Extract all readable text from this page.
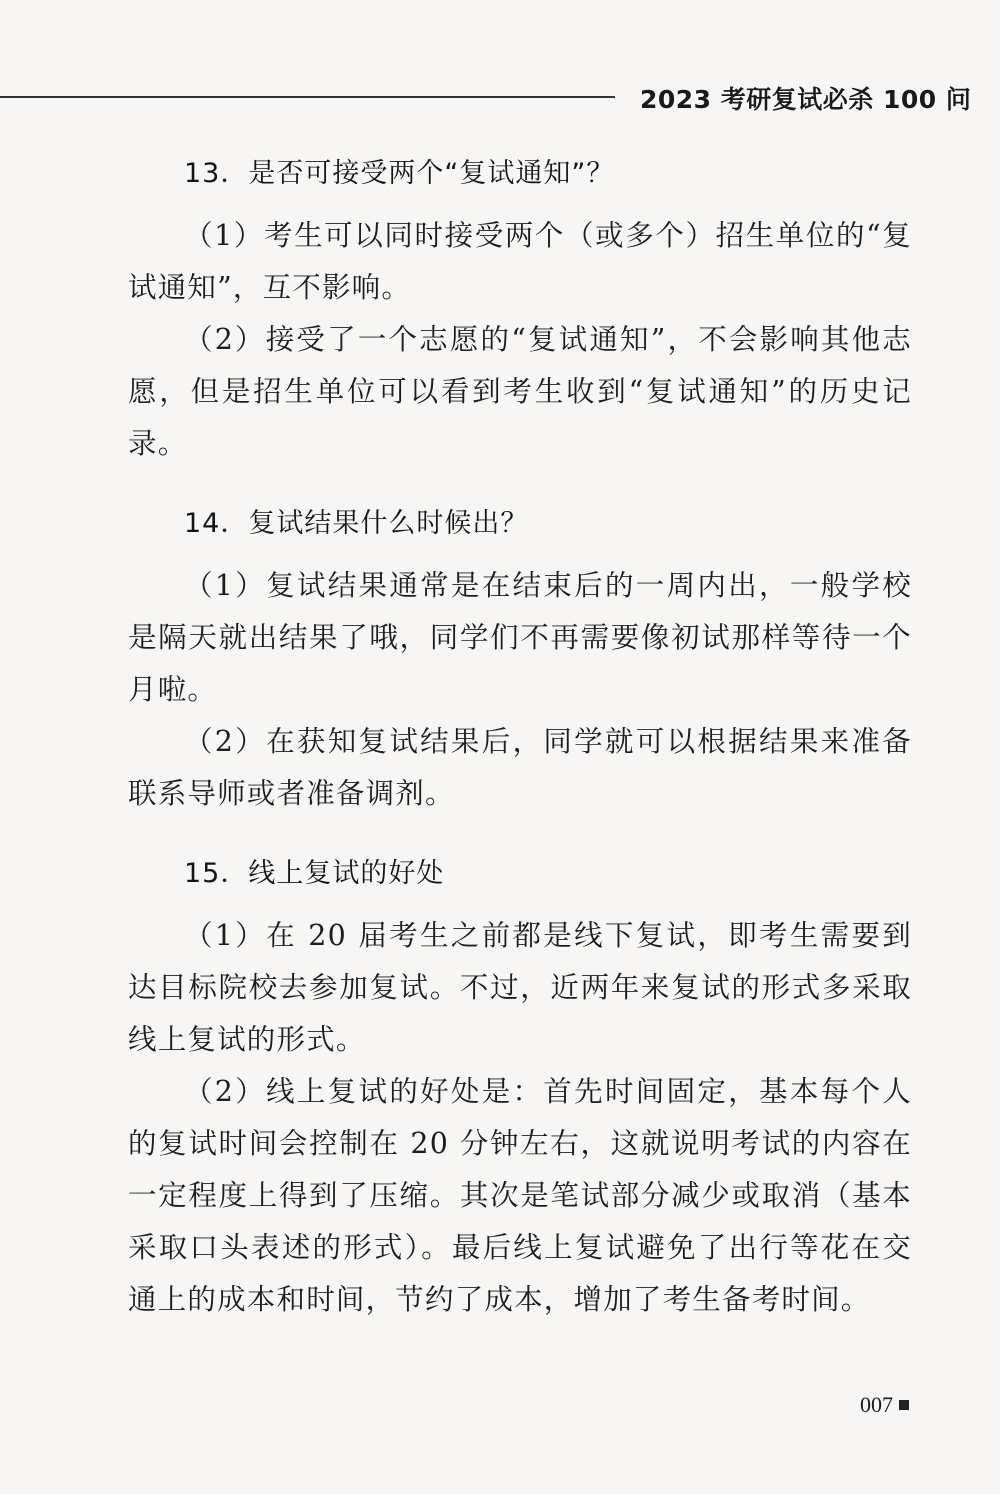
2023 考研复试必杀 100 问
13．是否可接受两个“复试通知”？

（1）考生可以同时接受两个（或多个）招生单位的“复试通知”，互不影响。

（2）接受了一个志愿的“复试通知”，不会影响其他志愿，但是招生单位可以看到考生收到“复试通知”的历史记录。

14．复试结果什么时候出？

（1）复试结果通常是在结束后的一周内出，一般学校是隔天就出结果了哦，同学们不再需要像初试那样等待一个月啦。

（2）在获知复试结果后，同学就可以根据结果来准备联系导师或者准备调剂。

15．线上复试的好处

（1）在 20 届考生之前都是线下复试，即考生需要到达目标院校去参加复试。不过，近两年来复试的形式多采取线上复试的形式。

（2）线上复试的好处是：首先时间固定，基本每个人的复试时间会控制在 20 分钟左右，这就说明考试的内容在一定程度上得到了压缩。其次是笔试部分减少或取消（基本采取口头表述的形式）。最后线上复试避免了出行等花在交通上的成本和时间，节约了成本，增加了考生备考时间。

007
